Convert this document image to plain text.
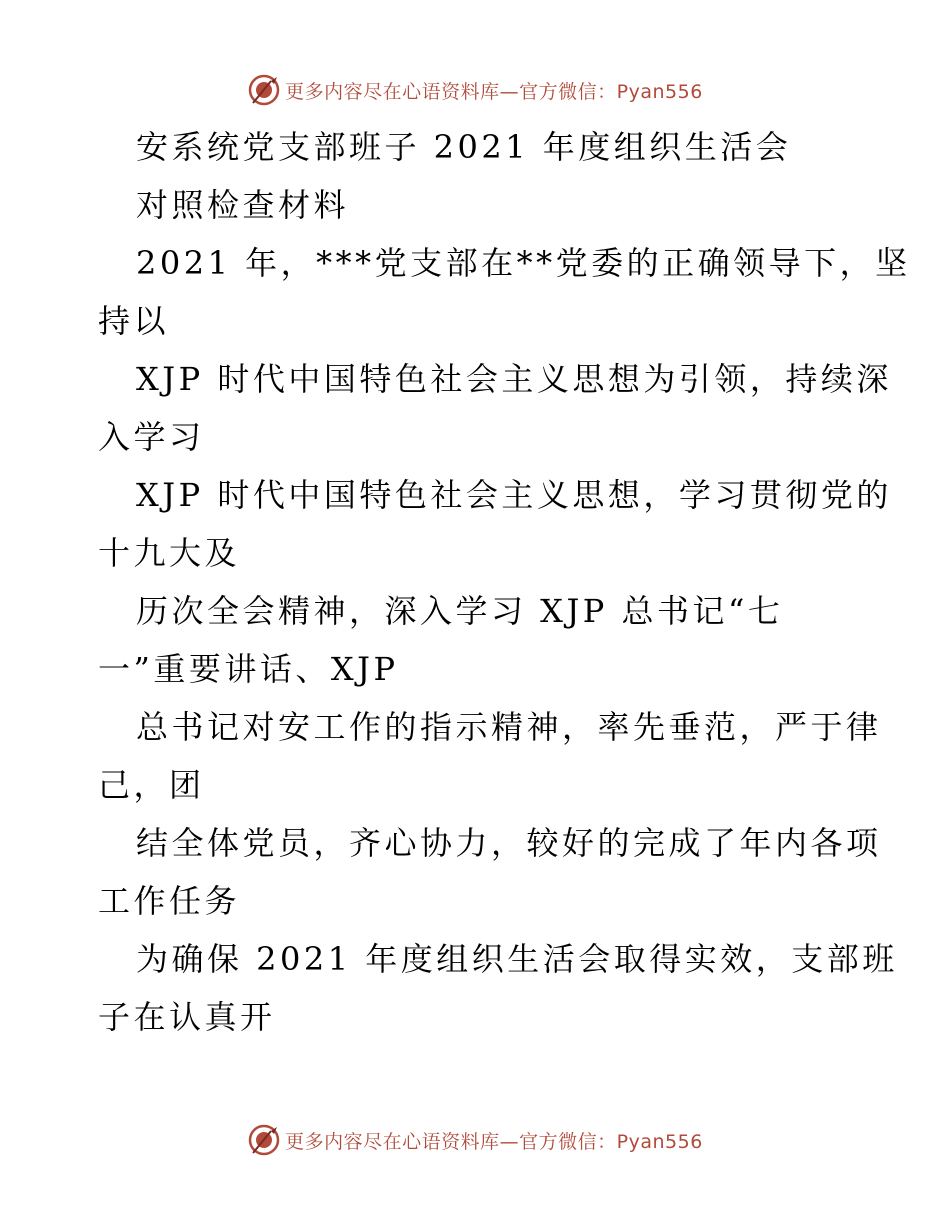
更多内容尽在心语资料库—官方微信：Pyan556
安系统党支部班子 2021 年度组织生活会
对照检查材料
2021 年，***党支部在**党委的正确领导下，坚
持以
XJP 时代中国特色社会主义思想为引领，持续深
入学习
XJP 时代中国特色社会主义思想，学习贯彻党的
十九大及
历次全会精神，深入学习 XJP 总书记“七
一”重要讲话、XJP
总书记对安工作的指示精神，率先垂范，严于律
己，团
结全体党员，齐心协力，较好的完成了年内各项
工作任务
为确保 2021 年度组织生活会取得实效，支部班
子在认真开
更多内容尽在心语资料库—官方微信：Pyan556
